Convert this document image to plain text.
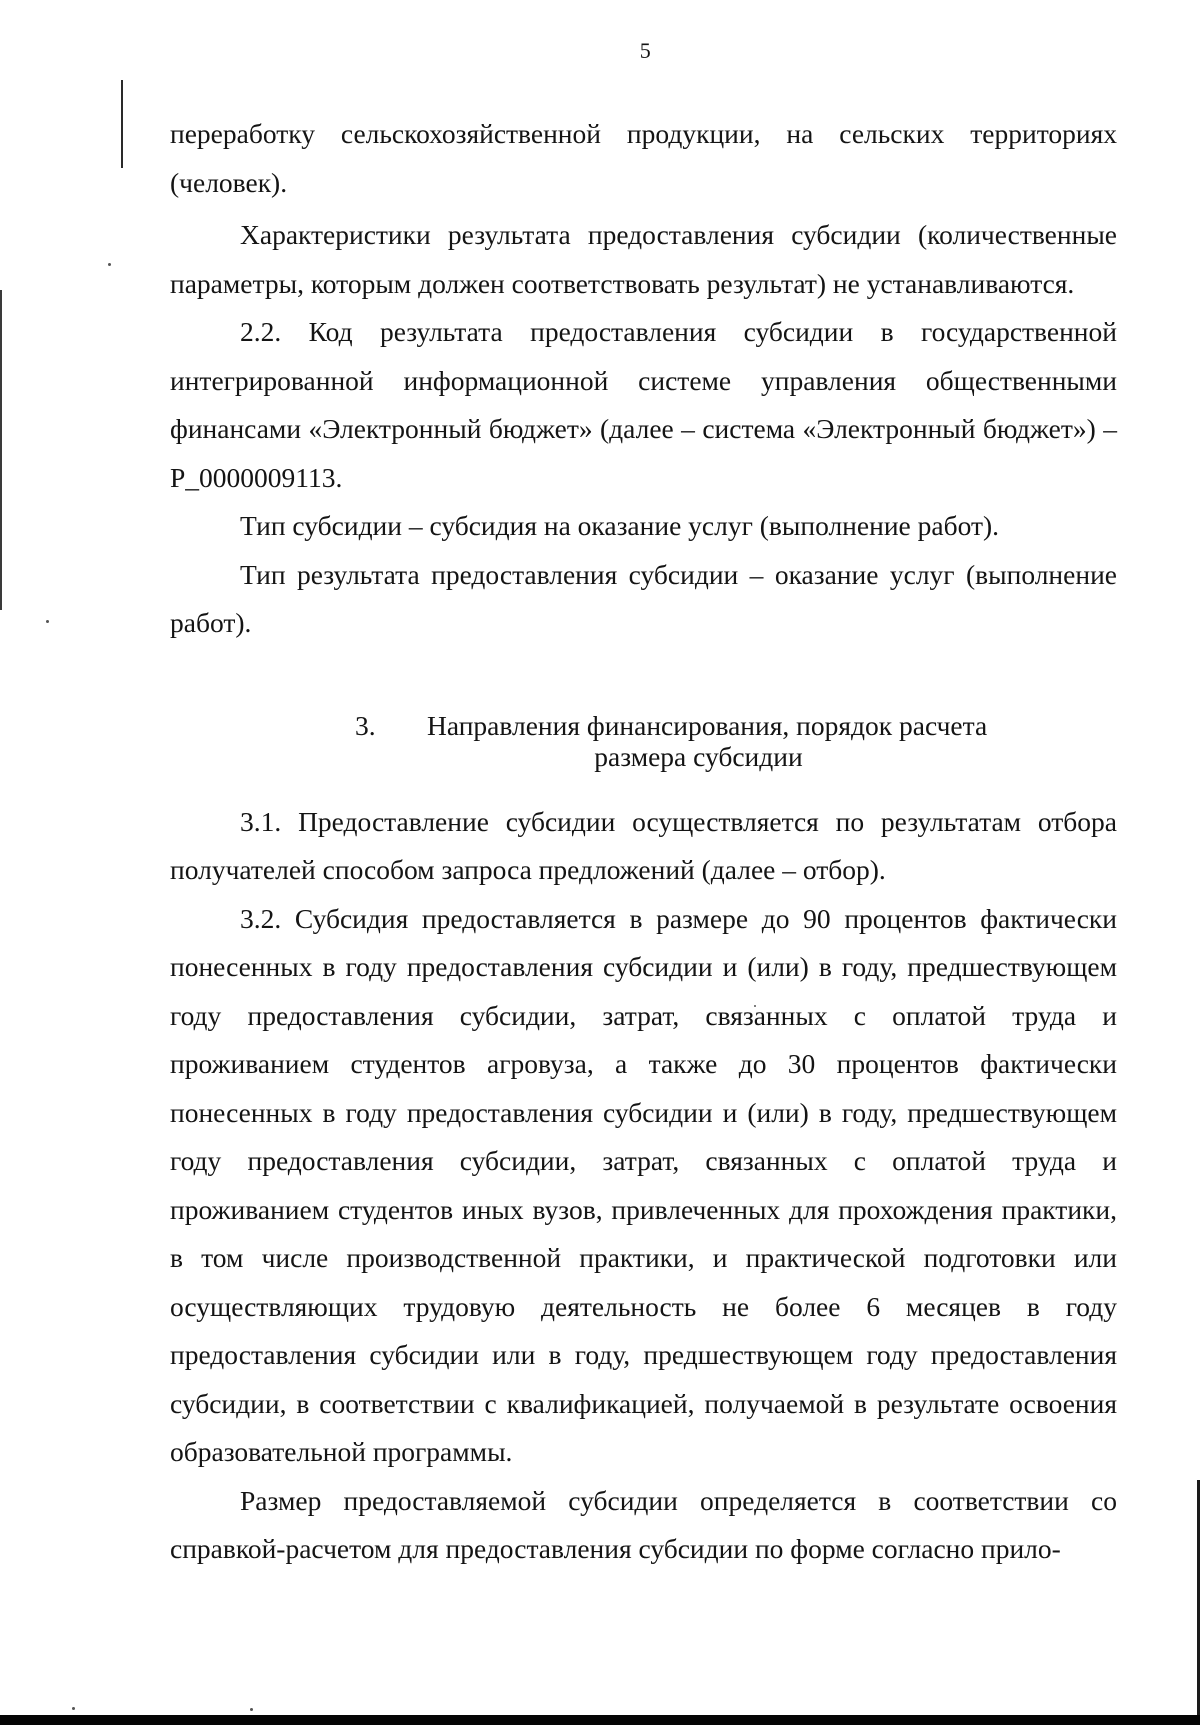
5

переработку сельскохозяйственной продукции, на сельских территориях (человек).

Характеристики результата предоставления субсидии (количественные параметры, которым должен соответствовать результат) не устанавливаются.

2.2. Код результата предоставления субсидии в государственной интегрированной информационной системе управления общественными финансами «Электронный бюджет» (далее – система «Электронный бюджет») – P_0000009113.

Тип субсидии – субсидия на оказание услуг (выполнение работ).

Тип результата предоставления субсидии – оказание услуг (выполнение работ).

3. Направления финансирования, порядок расчета
размера субсидии

3.1. Предоставление субсидии осуществляется по результатам отбора получателей способом запроса предложений (далее – отбор).

3.2. Субсидия предоставляется в размере до 90 процентов фактически понесенных в году предоставления субсидии и (или) в году, предшествующем году предоставления субсидии, затрат, связанных с оплатой труда и проживанием студентов агровуза, а также до 30 процентов фактически понесенных в году предоставления субсидии и (или) в году, предшествующем году предоставления субсидии, затрат, связанных с оплатой труда и проживанием студентов иных вузов, привлеченных для прохождения практики, в том числе производственной практики, и практической подготовки или осуществляющих трудовую деятельность не более 6 месяцев в году предоставления субсидии или в году, предшествующем году предоставления субсидии, в соответствии с квалификацией, получаемой в результате освоения образовательной программы.

Размер предоставляемой субсидии определяется в соответствии со справкой-расчетом для предоставления субсидии по форме согласно прило-
